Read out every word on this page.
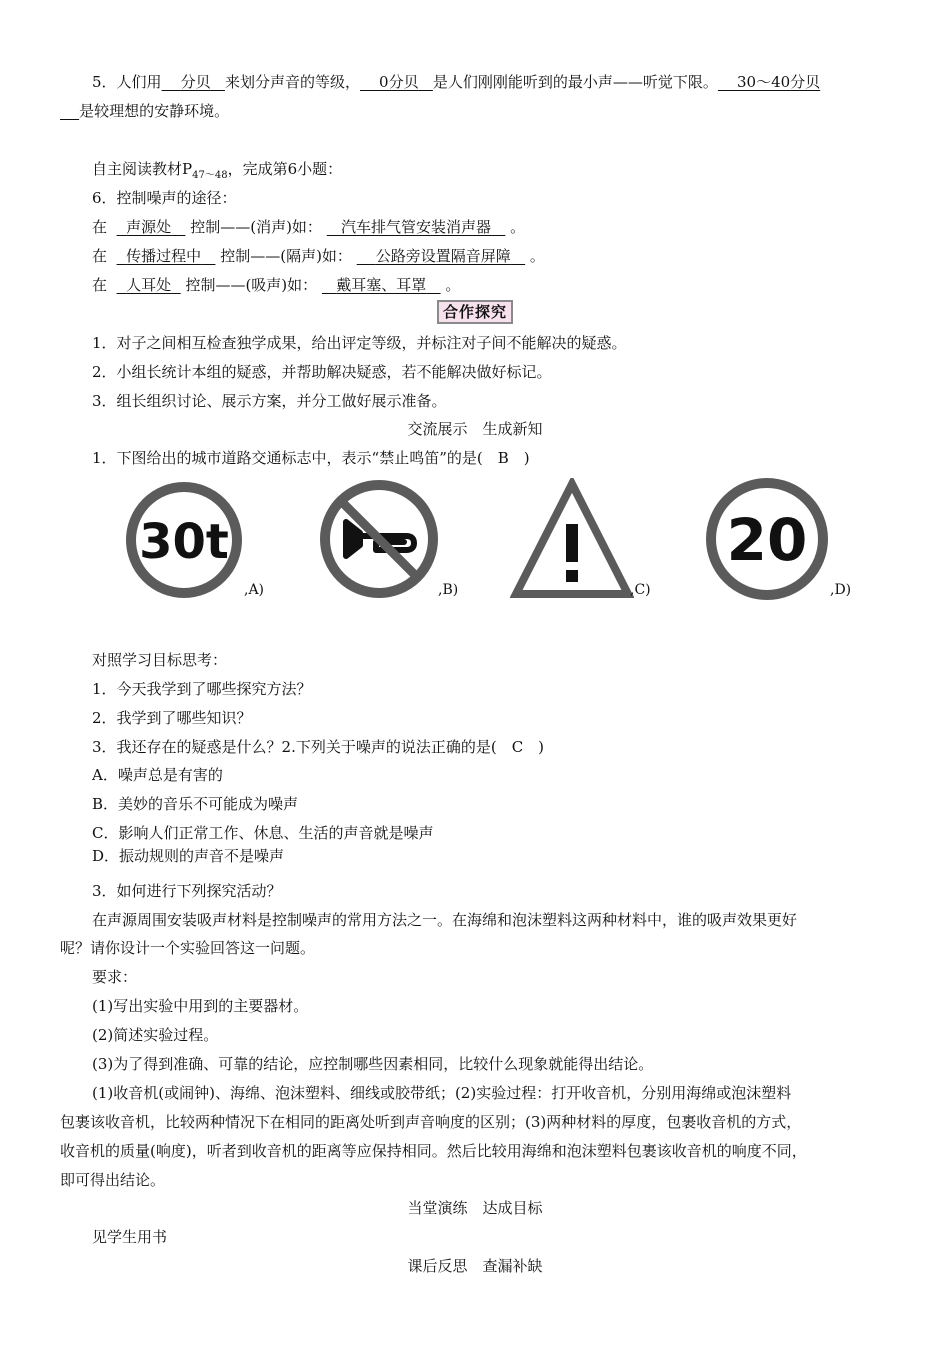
5．人们用 分贝 来划分声音的等级， 0分贝 是人们刚刚能听到的最小声——听觉下限。 30～40分贝
是较理想的安静环境。
自主阅读教材$P_{47\sim 48}$，完成第6小题：
6．控制噪声的途径：
在 声源处 控制——(消声)如： 汽车排气管安装消声器 。
在 传播过程中 控制——(隔声)如： 公路旁设置隔音屏障 。
在 人耳处 控制——(吸声)如： 戴耳塞、耳罩 。
合作探究
1．对子之间相互检查独学成果，给出评定等级，并标注对子间不能解决的疑惑。
2．小组长统计本组的疑惑，并帮助解决疑惑，若不能解决做好标记。
3．组长组织讨论、展示方案，并分工做好展示准备。
交流展示　生成新知
1．下图给出的城市道路交通标志中，表示“禁止鸣笛”的是(　B　)
30t
,A)	,B)	,C)
20
,D)
对照学习目标思考：
1．今天我学到了哪些探究方法？
2．我学到了哪些知识？
3．我还存在的疑惑是什么？2.下列关于噪声的说法正确的是(　C　)
A．噪声总是有害的
B．美妙的音乐不可能成为噪声
C．影响人们正常工作、休息、生活的声音就是噪声
D．振动规则的声音不是噪声
3．如何进行下列探究活动？
在声源周围安装吸声材料是控制噪声的常用方法之一。在海绵和泡沫塑料这两种材料中，谁的吸声效果更好
呢？请你设计一个实验回答这一问题。
要求：
(1)写出实验中用到的主要器材。
(2)简述实验过程。
(3)为了得到准确、可靠的结论，应控制哪些因素相同，比较什么现象就能得出结论。
(1)收音机(或闹钟)、海绵、泡沫塑料、细线或胶带纸；(2)实验过程：打开收音机，分别用海绵或泡沫塑料
包裹该收音机，比较两种情况下在相同的距离处听到声音响度的区别；(3)两种材料的厚度，包裹收音机的方式，
收音机的质量(响度)，听者到收音机的距离等应保持相同。然后比较用海绵和泡沫塑料包裹该收音机的响度不同，
即可得出结论。
当堂演练　达成目标
见学生用书
课后反思　查漏补缺
